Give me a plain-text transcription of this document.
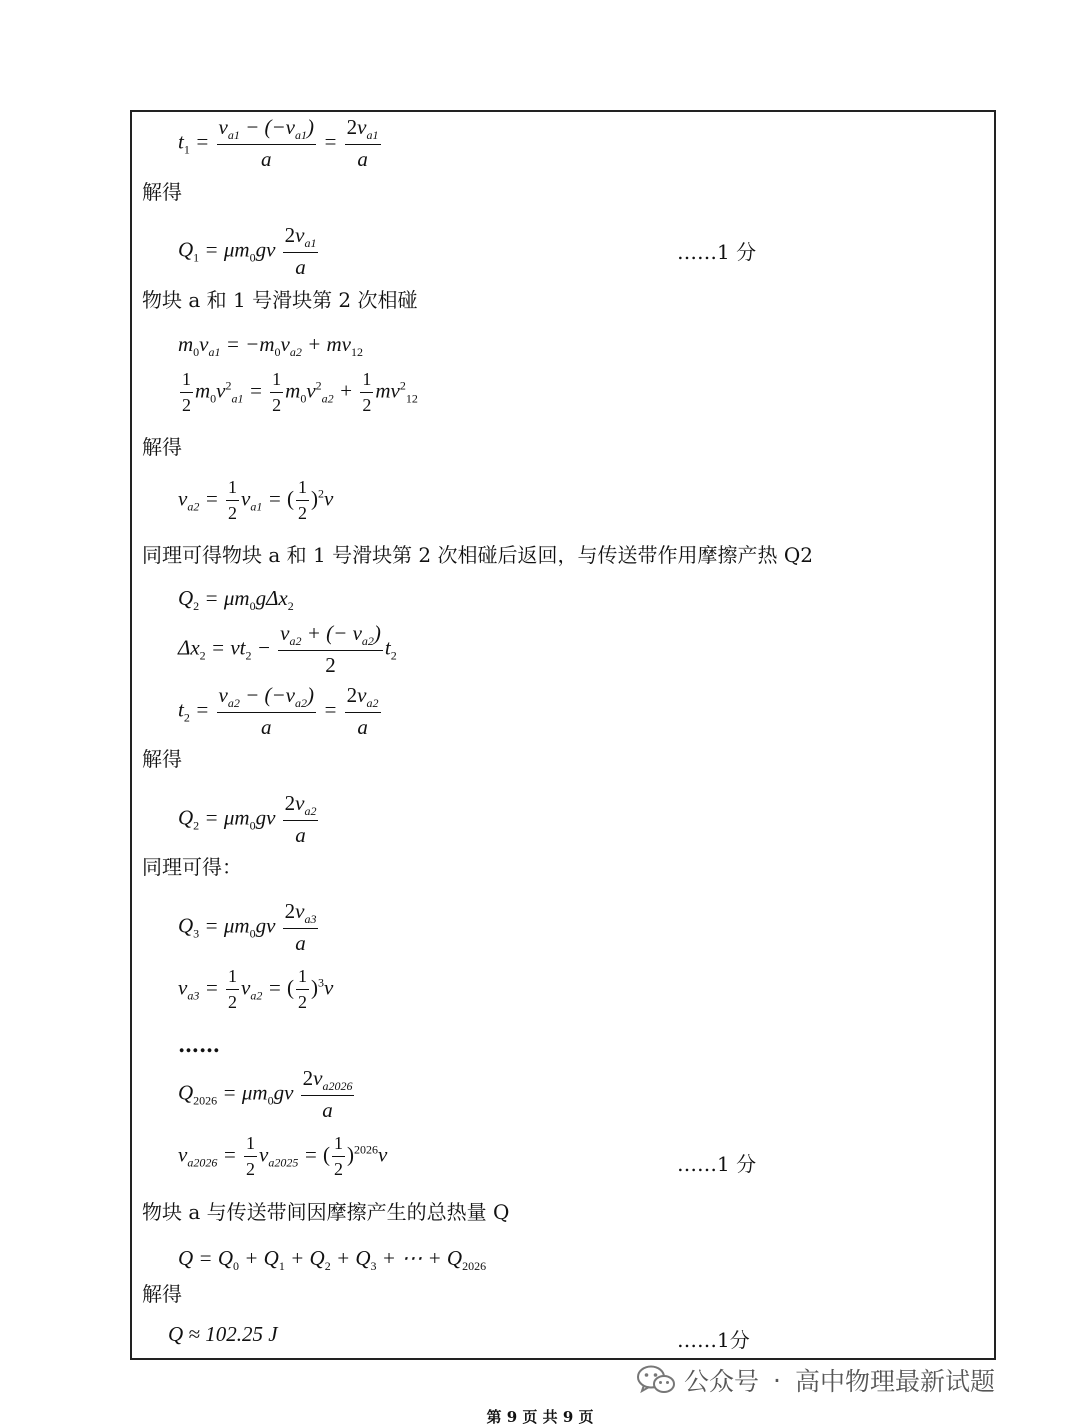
$t_1 = \frac{v_{a1} - (-v_{a1})}{a} = \frac{2v_{a1}}{a}$
解得
$Q_1 = \mu m_0gv \frac{2v_{a1}}{a}$	……1 分
物块 a 和 1 号滑块第 2 次相碰
$m_0v_{a1} = -m_0v_{a2} + mv_{12}$
$\frac{1}{2} m_0v^2_{a1} = \frac{1}{2} m_0v^2_{a2} + \frac{1}{2} mv^2_{12}$
解得
$v_{a2} = \frac{1}{2} v_{a1}$ = ( $\frac{1}{2} )^2v$
同理可得物块 a 和 1 号滑块第 2 次相碰后返回，与传送带作用摩擦产热 Q2
$Q_2 = \mu m_0g\Delta x_2$
$\Delta x_2 = vt_2 - \frac{v_{a2} + (- v_{a2})}{2} t_2$
$t_2 = \frac{v_{a2} - (-v_{a2})}{a} = \frac{2v_{a2}}{a}$
解得
$Q_2 = \mu m_0gv \frac{2v_{a2}}{a}$
同理可得：
$Q_3 = \mu m_0gv \frac{2v_{a3}}{a}$
$v_{a3} = \frac{1}{2} v_{a2}$ = ( $\frac{1}{2} )^3v$
……
$Q_{2026} = \mu m_0gv \frac{2v_{a2026}}{a}$
$v_{a2026} = \frac{1}{2} v_{a2025}$ = ( $\frac{1}{2} )^{2026}v$	……1 分
物块 a 与传送带间因摩擦产生的总热量 Q
$Q = Q_0 + Q_1 + Q_2 + Q_3$ + ⋯ + $Q_{2026}$
解得
Q ≈ 102.25 J	……1分
公众号 · 高中物理最新试题
第 9 页 共 9 页
